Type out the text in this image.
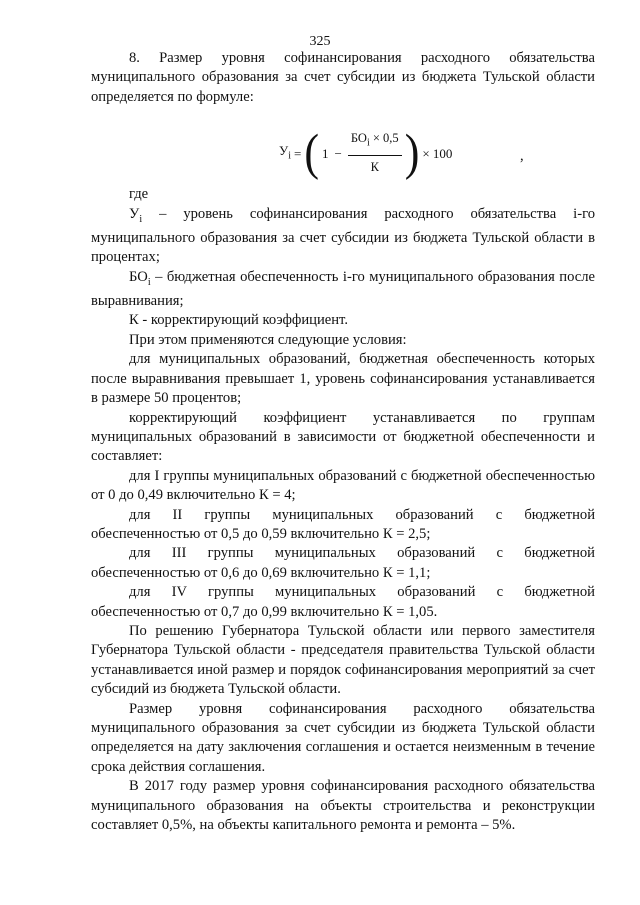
325

8. Размер уровня софинансирования расходного обязательства муниципального образования за счет субсидии из бюджета Тульской области определяется по формуле:

$У_i$ = ( $1 - \frac{БО_i \times 0,5}{К}$ ) × 100	,

где

$У_i$ – уровень софинансирования расходного обязательства i-го муниципального образования за счет субсидии из бюджета Тульской области в процентах;

$БО_i$ – бюджетная обеспеченность i-го муниципального образования после выравнивания;

К - корректирующий коэффициент.

При этом применяются следующие условия:

для муниципальных образований, бюджетная обеспеченность которых после выравнивания превышает 1, уровень софинансирования устанавливается в размере 50 процентов;

корректирующий коэффициент устанавливается по группам муниципальных образований в зависимости от бюджетной обеспеченности и составляет:

для I группы муниципальных образований с бюджетной обеспеченностью от 0 до 0,49 включительно К = 4;

для II группы муниципальных образований с бюджетной обеспеченностью от 0,5 до 0,59 включительно К = 2,5;

для III группы муниципальных образований с бюджетной обеспеченностью от 0,6 до 0,69 включительно К = 1,1;

для IV группы муниципальных образований с бюджетной обеспеченностью от 0,7 до 0,99 включительно К = 1,05.

По решению Губернатора Тульской области или первого заместителя Губернатора Тульской области - председателя правительства Тульской области устанавливается иной размер и порядок софинансирования мероприятий за счет субсидий из бюджета Тульской области.

Размер уровня софинансирования расходного обязательства муниципального образования за счет субсидии из бюджета Тульской области определяется на дату заключения соглашения и остается неизменным в течение срока действия соглашения.

В 2017 году размер уровня софинансирования расходного обязательства муниципального образования на объекты строительства и реконструкции составляет 0,5%, на объекты капитального ремонта и ремонта – 5%.
